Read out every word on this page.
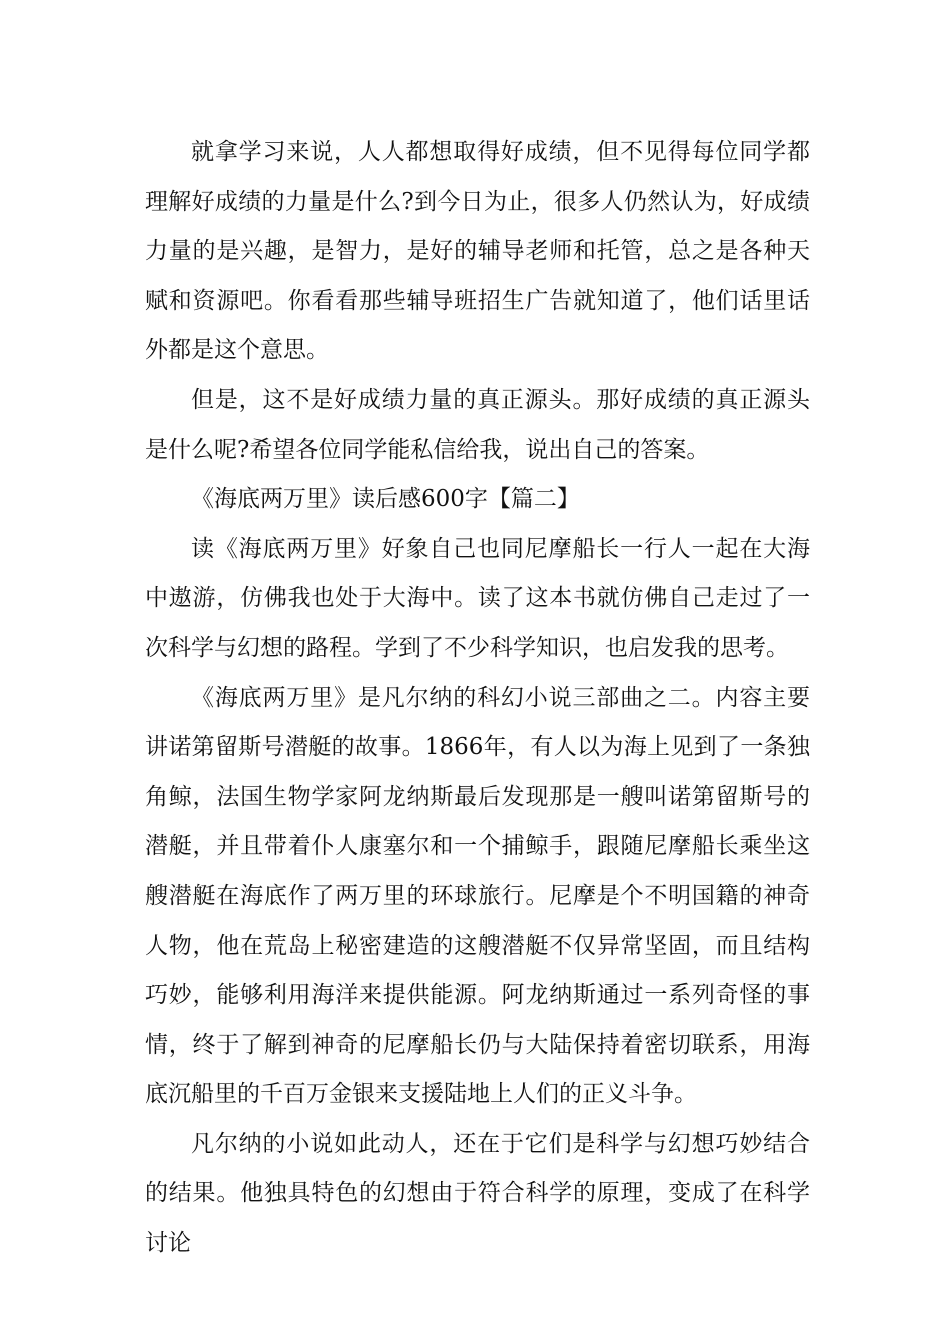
就拿学习来说，人人都想取得好成绩，但不见得每位同学都理解好成绩的力量是什么?到今日为止，很多人仍然认为，好成绩力量的是兴趣，是智力，是好的辅导老师和托管，总之是各种天赋和资源吧。你看看那些辅导班招生广告就知道了，他们话里话外都是这个意思。

但是，这不是好成绩力量的真正源头。那好成绩的真正源头是什么呢?希望各位同学能私信给我，说出自己的答案。

《海底两万里》读后感600字【篇二】

读《海底两万里》好象自己也同尼摩船长一行人一起在大海中遨游，仿佛我也处于大海中。读了这本书就仿佛自己走过了一次科学与幻想的路程。学到了不少科学知识，也启发我的思考。

《海底两万里》是凡尔纳的科幻小说三部曲之二。内容主要讲诺第留斯号潜艇的故事。1866年，有人以为海上见到了一条独角鲸，法国生物学家阿龙纳斯最后发现那是一艘叫诺第留斯号的潜艇，并且带着仆人康塞尔和一个捕鲸手，跟随尼摩船长乘坐这艘潜艇在海底作了两万里的环球旅行。尼摩是个不明国籍的神奇人物，他在荒岛上秘密建造的这艘潜艇不仅异常坚固，而且结构巧妙，能够利用海洋来提供能源。阿龙纳斯通过一系列奇怪的事情，终于了解到神奇的尼摩船长仍与大陆保持着密切联系，用海底沉船里的千百万金银来支援陆地上人们的正义斗争。

凡尔纳的小说如此动人，还在于它们是科学与幻想巧妙结合的结果。他独具特色的幻想由于符合科学的原理，变成了在科学讨论
